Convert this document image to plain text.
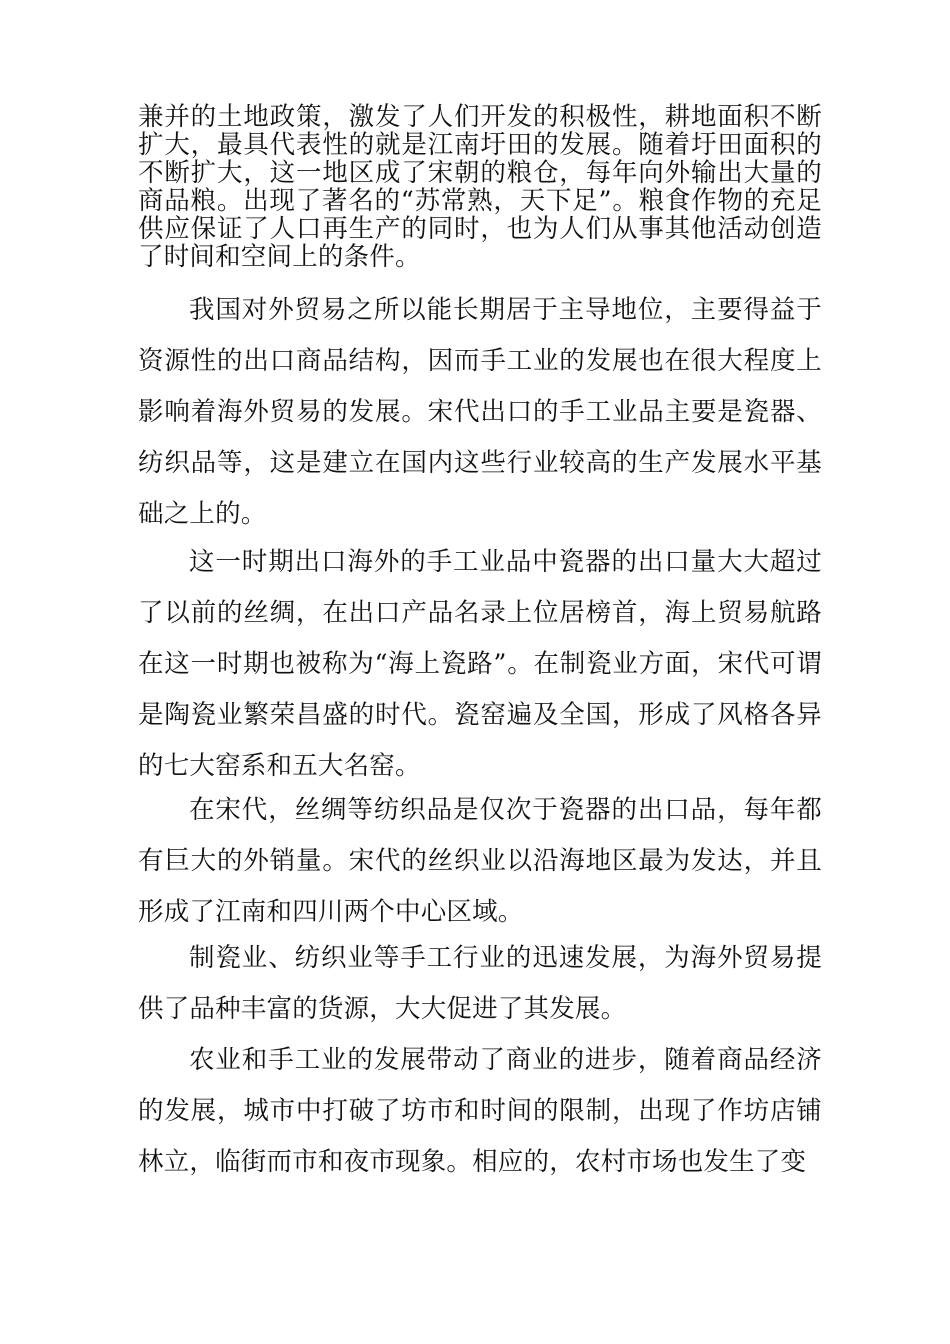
兼并的土地政策，激发了人们开发的积极性，耕地面积不断扩大，最具代表性的就是江南圩田的发展。随着圩田面积的不断扩大，这一地区成了宋朝的粮仓，每年向外输出大量的商品粮。出现了著名的“苏常熟，天下足”。粮食作物的充足供应保证了人口再生产的同时，也为人们从事其他活动创造了时间和空间上的条件。

我国对外贸易之所以能长期居于主导地位，主要得益于资源性的出口商品结构，因而手工业的发展也在很大程度上影响着海外贸易的发展。宋代出口的手工业品主要是瓷器、纺织品等，这是建立在国内这些行业较高的生产发展水平基础之上的。

这一时期出口海外的手工业品中瓷器的出口量大大超过了以前的丝绸，在出口产品名录上位居榜首，海上贸易航路在这一时期也被称为“海上瓷路”。在制瓷业方面，宋代可谓是陶瓷业繁荣昌盛的时代。瓷窑遍及全国，形成了风格各异的七大窑系和五大名窑。

在宋代，丝绸等纺织品是仅次于瓷器的出口品，每年都有巨大的外销量。宋代的丝织业以沿海地区最为发达，并且形成了江南和四川两个中心区域。

制瓷业、纺织业等手工行业的迅速发展，为海外贸易提供了品种丰富的货源，大大促进了其发展。

农业和手工业的发展带动了商业的进步，随着商品经济的发展，城市中打破了坊市和时间的限制，出现了作坊店铺林立，临街而市和夜市现象。相应的，农村市场也发生了变
